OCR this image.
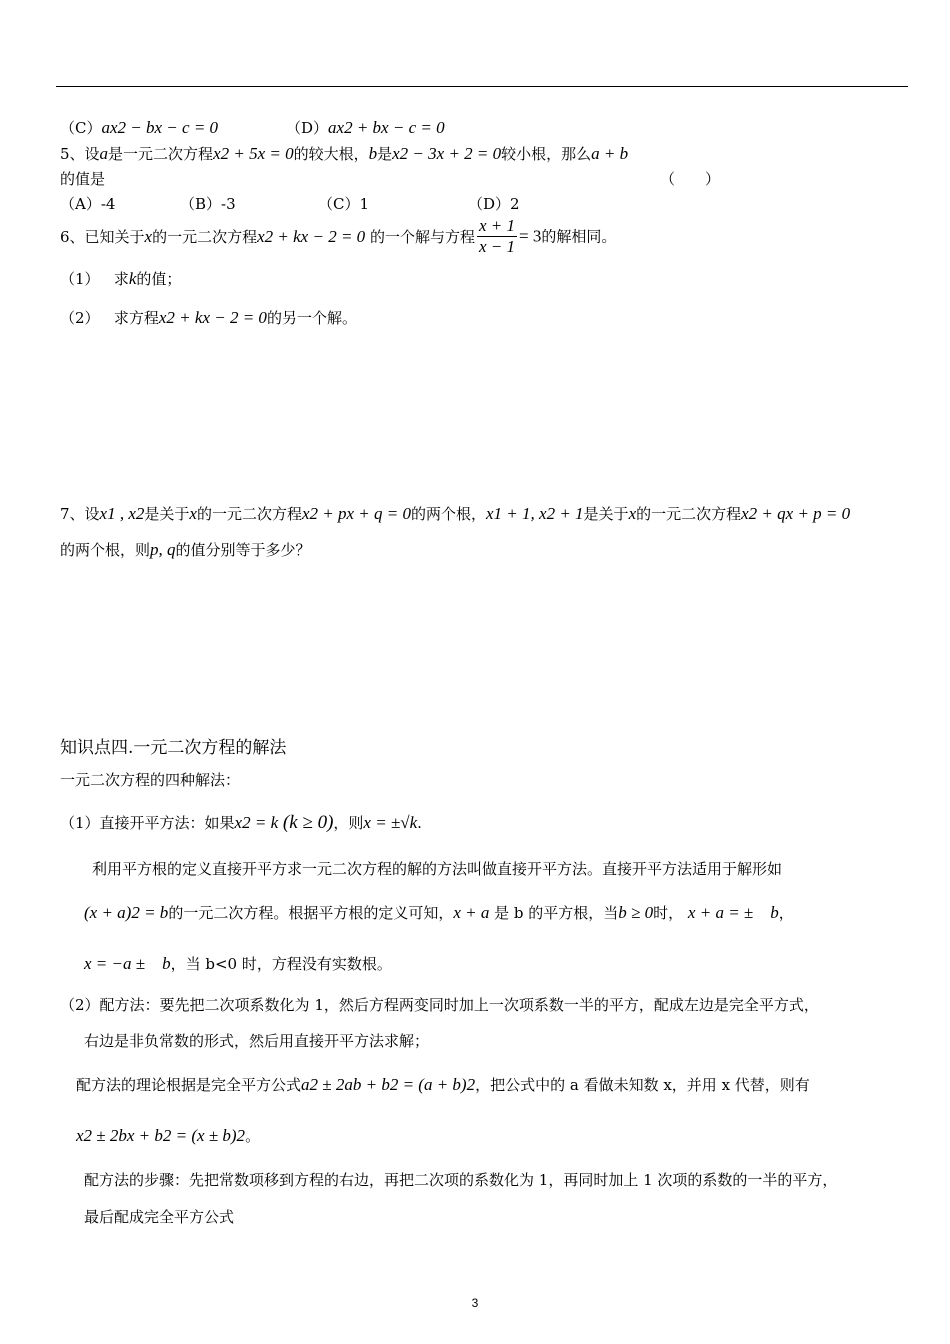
（C）ax2 − bx − c = 0	（D）ax2 + bx − c = 0
5、设a是一元二次方程x2 + 5x = 0的较大根，b是x2 − 3x + 2 = 0较小根，那么a + b
的值是	（　　）
（A）-4	（B）-3	（C）1	（D）2
6、已知关于x的一元二次方程x2 + kx − 2 = 0 的一个解与方程 $\frac{x + 1}{x - 1} = 3$的解相同。
（1） 求k的值；
（2） 求方程x2 + kx − 2 = 0的另一个解。
7、设x1 , x2是关于x的一元二次方程x2 + px + q = 0的两个根，x1 + 1, x2 + 1是关于x的一元二次方程x2 + qx + p = 0
的两个根，则p, q的值分别等于多少？
知识点四.一元二次方程的解法
一元二次方程的四种解法：
（1）直接开平方法：如果x2 = k (k ≥ 0)，则x = ±√k.
利用平方根的定义直接开平方求一元二次方程的解的方法叫做直接开平方法。直接开平方法适用于解形如
(x + a)2 = b的一元二次方程。根据平方根的定义可知，x + a 是 b 的平方根，当b ≥ 0时， x + a = ±　b，
x = −a ±　b，当 b<0 时，方程没有实数根。
（2）配方法：要先把二次项系数化为 1，然后方程两变同时加上一次项系数一半的平方，配成左边是完全平方式，
右边是非负常数的形式，然后用直接开平方法求解；
配方法的理论根据是完全平方公式a2 ± 2ab + b2 = (a + b)2，把公式中的 a 看做未知数 x，并用 x 代替，则有
x2 ± 2bx + b2 = (x ± b)2。
配方法的步骤：先把常数项移到方程的右边，再把二次项的系数化为 1，再同时加上 1 次项的系数的一半的平方，
最后配成完全平方公式
3
